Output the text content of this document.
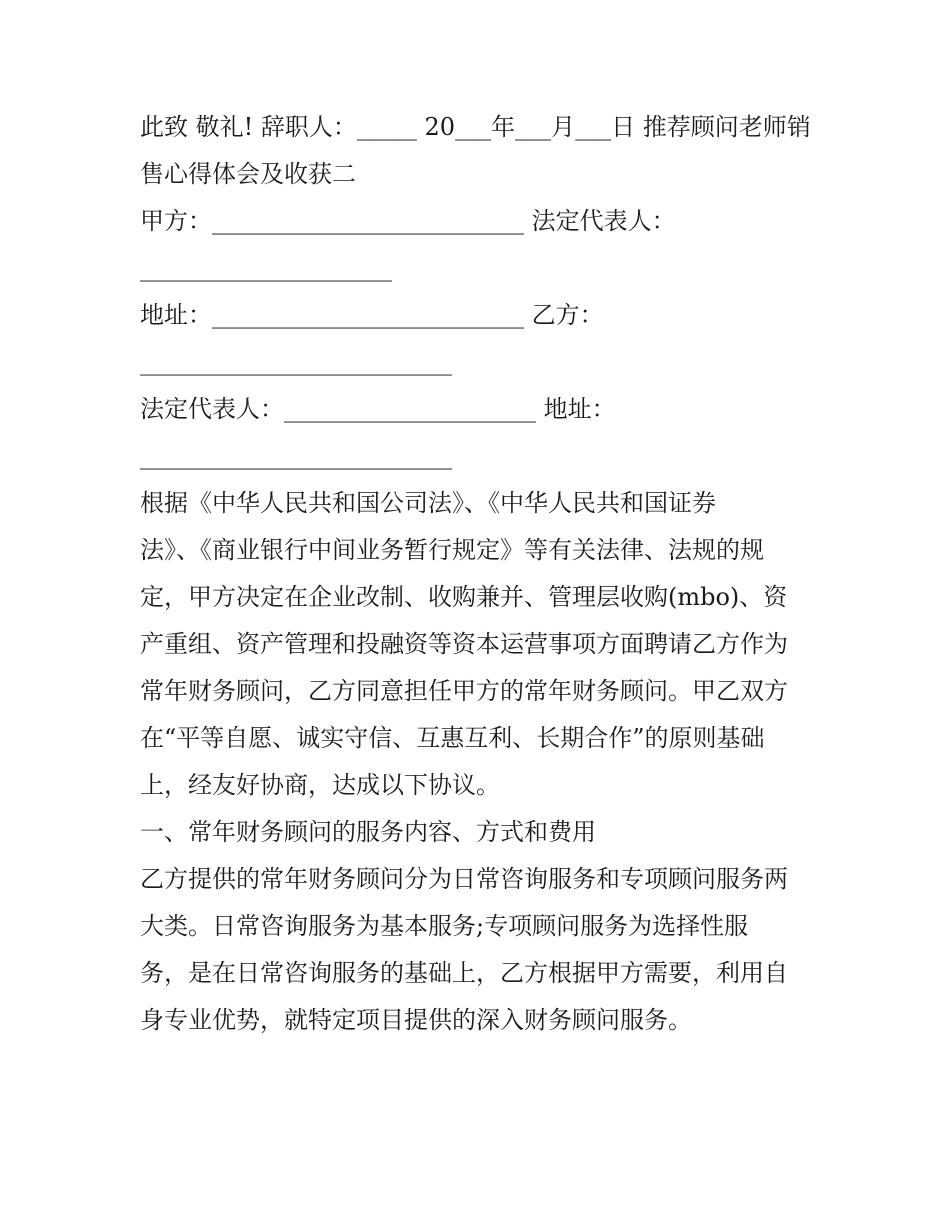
此致 敬礼! 辞职人：_____ 20___年___月___日 推荐顾问老师销
售心得体会及收获二
甲方：__________________________ 法定代表人：
_____________________
地址：__________________________ 乙方：
__________________________
法定代表人：_____________________ 地址：
__________________________
根据《中华人民共和国公司法》、《中华人民共和国证券
法》、《商业银行中间业务暂行规定》等有关法律、法规的规
定，甲方决定在企业改制、收购兼并、管理层收购(mbo)、资
产重组、资产管理和投融资等资本运营事项方面聘请乙方作为
常年财务顾问，乙方同意担任甲方的常年财务顾问。甲乙双方
在“平等自愿、诚实守信、互惠互利、长期合作”的原则基础
上，经友好协商，达成以下协议。
一、常年财务顾问的服务内容、方式和费用
乙方提供的常年财务顾问分为日常咨询服务和专项顾问服务两
大类。日常咨询服务为基本服务;专项顾问服务为选择性服
务，是在日常咨询服务的基础上，乙方根据甲方需要，利用自
身专业优势，就特定项目提供的深入财务顾问服务。
